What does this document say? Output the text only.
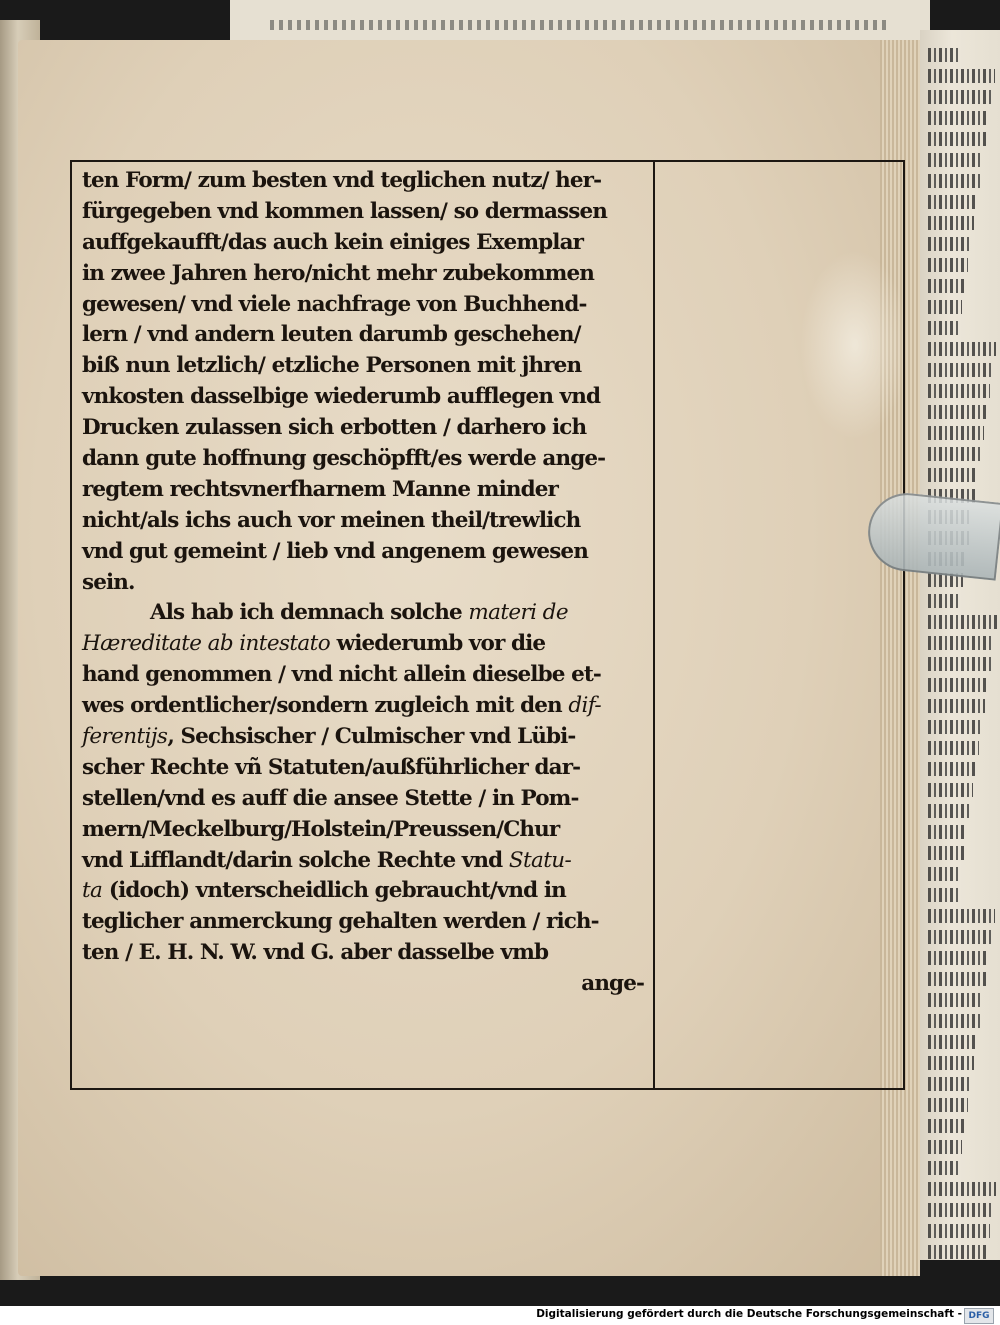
ten Form/ zum besten vnd teglichen nutz/ her-
fürgegeben vnd kommen lassen/ so dermassen
auffgekaufft/das auch kein einiges Exemplar
in zwee Jahren hero/nicht mehr zubekommen
gewesen/ vnd viele nachfrage von Buchhend-
lern / vnd andern leuten darumb geschehen/
biß nun letzlich/ etzliche Personen mit jhren
vnkosten dasselbige wiederumb aufflegen vnd
Drucken zulassen sich erbotten / darhero ich
dann gute hoffnung geschöpfft/es werde ange-
regtem rechtsvnerfharnem Manne minder
nicht/als ichs auch vor meinen theil/trewlich
vnd gut gemeint / lieb vnd angenem gewesen
sein.
Als hab ich demnach solche materi de
Hæreditate ab intestato wiederumb vor die
hand genommen / vnd nicht allein dieselbe et-
wes ordentlicher/sondern zugleich mit den dif-
ferentijs, Sechsischer / Culmischer vnd Lübi-
scher Rechte vñ Statuten/außführlicher dar-
stellen/vnd es auff die ansee Stette / in Pom-
mern/Meckelburg/Holstein/Preussen/Chur
vnd Lifflandt/darin solche Rechte vnd Statu-
ta (idoch) vnterscheidlich gebraucht/vnd in
teglicher anmerckung gehalten werden / rich-
ten / E. H. N. W. vnd G. aber dasselbe vmb
ange-
Digitalisierung gefördert durch die Deutsche Forschungsgemeinschaft - DFG
